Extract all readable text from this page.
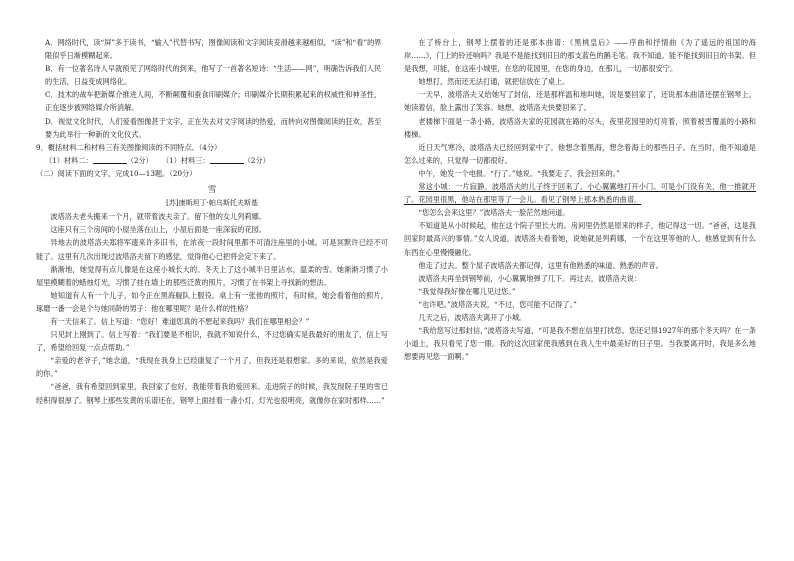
A．网络时代，读“屏”多于读书，“输入”代替书写，图像阅读和文字阅读妥滑越来越相似，“读”和“看”的界限似乎日渐模糊起来。

B．有一位著名诗人早就预见了网络时代的到来，他写了一首著名短诗：“生活——网”，明确告诉我们人民的生活，日益变成网络化。

C．技术的战车把新媒介推进人间，不断颠覆和蚕食印刷媒介；印刷媒介长期积累起来的权威性和神圣性，正在逐步被网络媒介所消解。

D．视觉文化时代，人们爱看图像甚于文字，正在失去对文字阅读的热爱，而转向对图像阅读的狂欢，甚至要为此举行一种新的文化仪式。

9．概括材料二和材料三有关图像阅读的不同特点。（4分）

（1）材料二：	（2分） （1）材料三：	（2分）

（二）阅读下面的文字，完成10—13题。（20分）

雪

[苏]康斯坦丁·帕乌斯托夫斯基

波塔洛夫老头搬来一个月，就带着波夫亲了。留下他的女儿列莉娜。

这座只有三个房间的小屋坐落在山上，小屋后面是一座深寂的花园。

异地去的波塔洛夫郑将军遗来许多旧书，在浓夜一段时间里都不可清注座里的小城。可是冥默许已经不可能了。这里有几次出现过波塔洛夫留下的感觉，觉得他心已把将会定下来了。

渐渐地，她觉得有点儿像是在这座小城长大的。冬天上了这小城半日里沾水，温柔的雪。她渐渐习惯了小屋里模糊着的蜡烛灯光，习惯了挂在墙上的那些泛黄的照片，习惯了在书架上寻找新的想法。

她知道有人有一个儿子，如今正在黑海舰队上服役。桌上有一张他的照片，有时候，她会看着他的照片，琢磨一番一会是个与她同龄的男子：他在哪里呢？是什么样的性格？

有一天信来了。信上写道：“您好！难道您真的不想起来我吗？我们在哪里相会？”

只见封上刚到了。信上写着：“我们要是不相识，我就不知说什么，不过您确实是我最好的朋友了，信上写了，希望给回复一点点帮助。”

“亲爱的老爷子，”她念道，“我现在我身上已经康复了一个月了，但我还是很想家。多的来说，依然是我爱的你。”

“爸爸，我有希望回到家里，我回家了也好，我能带着我的爱回来。走进院子的时候，我发现院子里的雪已经积得很厚了。钢琴上那些发黄的乐谱还在，钢琴上面挂着一盏小灯，灯光也很明亮，就像你在家时那样……”

在了桥台上，钢琴上摆着的还是那本曲谱：《黑桃皇后》——序曲和抒情曲《为了遥远的祖国的海岸……》，门上的铃还响吗？我是不是能找到旧日的那支蓝色的鹅毛笔。我不知道。能不能找到旧日的书架。但是我想，可能，在这座小城里，在您的花园里，在您的身边，在那儿，一切都很安宁。

她想打，然而还无法打通，就把信放在了桌上。

一天早，波塔洛夫又给她写了封信，还是那样温和地叫她，说是要回家了，还说那本曲谱还摆在钢琴上。她读着信，脸上露出了笑容。她想，波塔洛夫快要回来了。

老楼梯下面是一条小路，波塔洛夫家的花园就在路的尽头，夜里花园里的灯亮着，照着被雪覆盖的小路和楼梯。

近日天气寒冷，波塔洛夫已经回到家中了。他想念着黑海，想念着海上的那些日子。在当时，他不知道是怎么过来的，只觉得一切都很好。

中午，她发一个电报。“行了。”她说。“我要走了，我会回来的。”

常这小城：一片寂静。波塔洛夫的儿子终于回来了。小心翼翼地打开小门。可是小门没有关，他一推就开了。花园里很黑，他站在那里等了一会儿。看见了钢琴上那本熟悉的曲谱。

“您怎么会来这里？”波塔洛夫一脸茫然地问道。

不知道是从小时候起，他在这个院子里长大的。房间里仍然是原来的样子，他记得这一切。“爸爸，这是我回家时最高兴的事情。”女人说道。波塔洛夫看着她，说她就是列莉娜，一个在这里等他的人。他感觉到有什么东西在心里慢慢融化。

他走了过去。整个屋子波塔洛夫都记得，这里有他熟悉的味道、熟悉的声音。

波塔洛夫再坐到钢琴前，小心翼翼地弹了几下。再过去，波塔洛夫说：

“我觉得我好像在哪儿见过您。”

“也许吧。”波塔洛夫说，“不过，您可能不记得了。”

几天之后，波塔洛夫离开了小城。

“我给您写过那封信，”波塔洛夫写道，“可是我不想在信里打扰您。您还记得1927年的那个冬天吗？在一条小道上，我只看见了您一眼。我的这次回家使我感到在我人生中最美好的日子里。当我要离开时，我是多么地想要再见您一面啊。”
